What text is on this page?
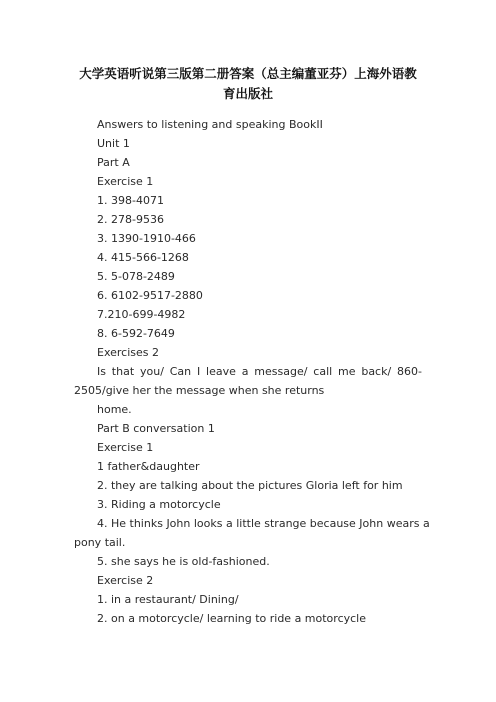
大学英语听说第三版第二册答案（总主编董亚芬）上海外语教
育出版社
Answers to listening and speaking BookII
Unit 1
Part A
Exercise 1
1. 398-4071
2. 278-9536
3. 1390-1910-466
4. 415-566-1268
5. 5-078-2489
6. 6102-9517-2880
7.210-699-4982
8. 6-592-7649
Exercises 2
Is that you/ Can I leave a message/ call me back/ 860-
2505/give her the message when she returns
home.
Part B conversation 1
Exercise 1
1 father&daughter
2. they are talking about the pictures Gloria left for him
3. Riding a motorcycle
4. He thinks John looks a little strange because John wears a
pony tail.
5. she says he is old-fashioned.
Exercise 2
1. in a restaurant/ Dining/
2. on a motorcycle/ learning to ride a motorcycle
